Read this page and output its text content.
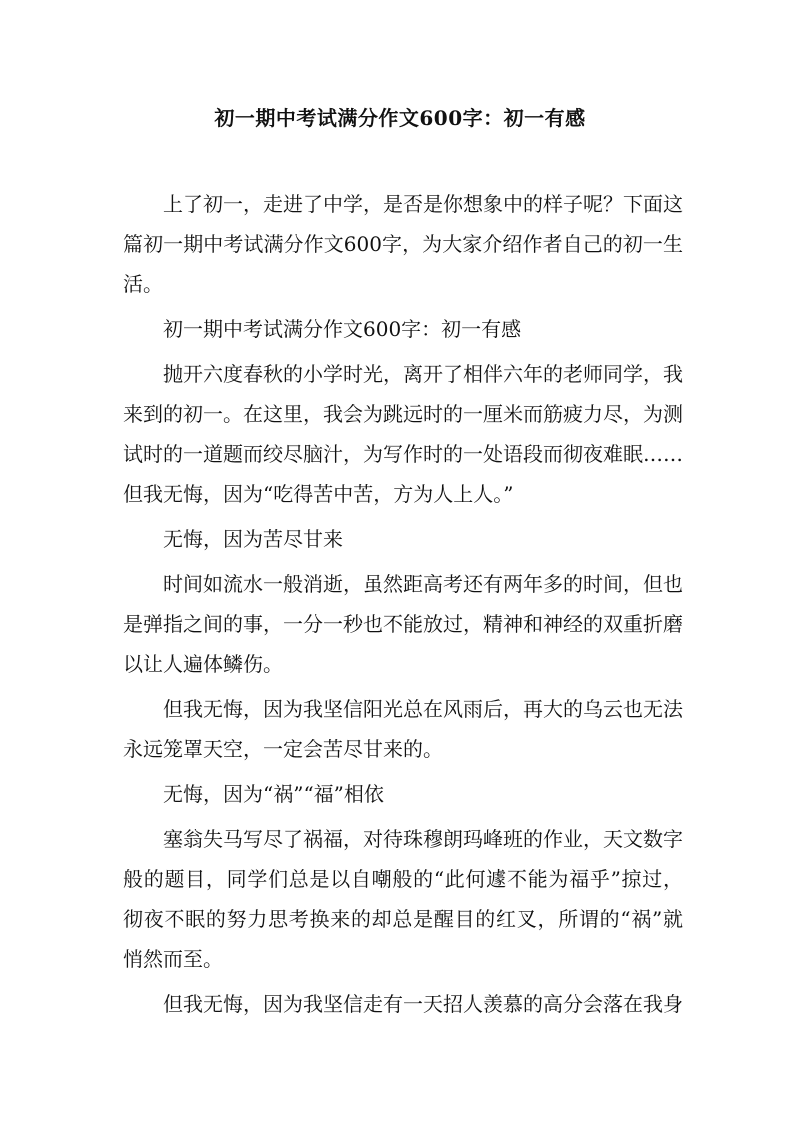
初一期中考试满分作文600字：初一有感

上了初一，走进了中学，是否是你想象中的样子呢？下面这篇初一期中考试满分作文600字，为大家介绍作者自己的初一生活。

初一期中考试满分作文600字：初一有感

抛开六度春秋的小学时光，离开了相伴六年的老师同学，我来到的初一。在这里，我会为跳远时的一厘米而筋疲力尽，为测试时的一道题而绞尽脑汁，为写作时的一处语段而彻夜难眠……但我无悔，因为“吃得苦中苦，方为人上人。”

无悔，因为苦尽甘来

时间如流水一般消逝，虽然距高考还有两年多的时间，但也是弹指之间的事，一分一秒也不能放过，精神和神经的双重折磨以让人遍体鳞伤。

但我无悔，因为我坚信阳光总在风雨后，再大的乌云也无法永远笼罩天空，一定会苦尽甘来的。

无悔，因为“祸”“福”相依

塞翁失马写尽了祸福，对待珠穆朗玛峰班的作业，天文数字般的题目，同学们总是以自嘲般的“此何遽不能为福乎”掠过，彻夜不眠的努力思考换来的却总是醒目的红叉，所谓的“祸”就悄然而至。

但我无悔，因为我坚信走有一天招人羡慕的高分会落在我身
